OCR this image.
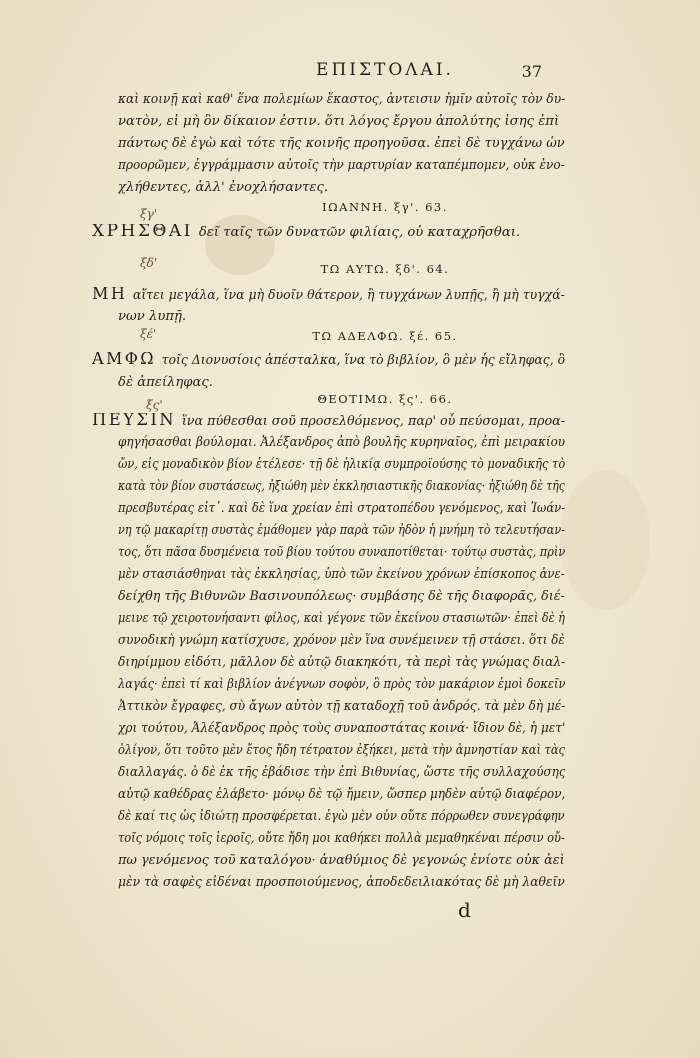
ΕΠΙΣΤΟΛΑΙ.	37
καὶ κοινῇ καὶ καθ' ἕνα πολεμίων ἕκαστος, ἀντεισιν ἡμῖν αὐτοῖς τὸν δυ-
νατὸν, εἰ μὴ ὃν δίκαιον ἐστιν. ὅτι λόγος ἔργου ἀπολύτης ἰσης ἐπὶ
πάντως δὲ ἐγὼ καὶ τότε τῆς κοινῆς προηγοῦσα. ἐπεὶ δὲ τυγχάνω ὧν
προορῶμεν, ἐγγράμμασιν αὐτοῖς τὴν μαρτυρίαν καταπέμπομεν, οὐκ ἐνο-
χλήθεντες, ἀλλ' ἐνοχλήσαντες.
ΙΩΑΝΝΗ. ξγ'. 63.
ξγ'
ΧΡΗΣΘΑΙ δεῖ ταῖς τῶν δυνατῶν φιλίαις, οὐ καταχρῆσθαι.
ξδ'	ΤΩ ΑΥΤΩ. ξδ'. 64.
ΜΗ αἴτει μεγάλα, ἵνα μὴ δυοῖν θάτερον, ἢ τυγχάνων λυπῇς, ἢ μὴ τυγχά-
νων λυπῇ.
ξέ'	ΤΩ ΑΔΕΛΦΩ. ξέ. 65.
ΑΜΦΩ τοῖς Διονυσίοις ἀπέσταλκα, ἵνα τὸ βιβλίον, ὃ μὲν ἧς εἴληφας, ὃ
δὲ ἀπείληφας.
ΘΕΟΤΙΜΩ. ξς'. 66.
ξς'
ΠΕΥΣΙΝ ἵνα πύθεσθαι σοῦ προσελθόμενος, παρ' οὗ πεύσομαι, προα-
φηγήσασθαι βούλομαι. Ἀλέξανδρος ἀπὸ βουλῆς κυρηναῖος, ἐπὶ μειρακίου
ὤν, εἰς μοναδικὸν βίον ἐτέλεσε· τῇ δὲ ἡλικίᾳ συμπροϊούσης τὸ μοναδικῆς τὸ
κατὰ τὸν βίον συστάσεως, ἠξιώθη μὲν ἐκκλησιαστικῆς διακονίας· ἠξιώθη δὲ τῆς
πρεσβυτέρας εἶτ᾽. καὶ δὲ ἵνα χρείαν ἐπὶ στρατοπέδου γενόμενος, καὶ Ἰωάν-
νη τῷ μακαρίτῃ συστὰς ἐμάθομεν γὰρ παρὰ τῶν ἠδὸν ἡ μνήμη τὸ τελευτήσαν-
τος, ὅτι πᾶσα δυσμένεια τοῦ βίου τούτου συναποτίθεται· τούτῳ συστὰς, πρὶν
μὲν στασιάσθηναι τὰς ἐκκλησίας, ὑπὸ τῶν ἐκείνου χρόνων ἐπίσκοπος ἀνε-
δείχθη τῆς Βιθυνῶν Βασινουπόλεως· συμβάσης δὲ τῆς διαφορᾶς, διέ-
μεινε τῷ χειροτονήσαντι φίλος, καὶ γέγονε τῶν ἐκείνου στασιωτῶν· ἐπεὶ δὲ ἡ
συνοδικὴ γνώμη κατίσχυσε, χρόνον μὲν ἵνα συνέμεινεν τῇ στάσει. ὅτι δὲ
διηρίμμου εἶδότι, μᾶλλον δὲ αὐτῷ διακηκότι, τὰ περὶ τὰς γνώμας διαλ-
λαγάς· ἐπεὶ τί καὶ βιβλίον ἀνέγνων σοφὸν, ὃ πρὸς τὸν μακάριον ἐμοὶ δοκεῖν
Ἀττικὸν ἔγραφες, σὺ ἄγων αὐτὸν τῇ καταδοχῇ τοῦ ἀνδρός. τὰ μὲν δὴ μέ-
χρι τούτου, Ἀλέξανδρος πρὸς τοὺς συναποστάτας κοινά· ἴδιον δὲ, ἡ μετ'
ὀλίγον, ὅτι τοῦτο μὲν ἔτος ἤδη τέτρατον ἐξήκει, μετὰ τὴν ἀμνηστίαν καὶ τὰς
διαλλαγάς. ὁ δὲ ἐκ τῆς ἐβάδισε τὴν ἐπὶ Βιθυνίας, ὥστε τῆς συλλαχούσης
αὐτῷ καθέδρας ἐλάβετο· μόνῳ δὲ τῷ ἤμειν, ὥσπερ μηδὲν αὐτῷ διαφέρον,
δὲ καί τις ὡς ἰδιώτῃ προσφέρεται. ἐγὼ μὲν οὖν οὔτε πόρρωθεν συνεγράφην
τοῖς νόμοις τοῖς ἱεροῖς, οὔτε ἤδη μοι καθήκει πολλὰ μεμαθηκέναι πέρσιν οὔ-
πω γενόμενος τοῦ καταλόγου· ἀναθύμιος δὲ γεγονώς ἐνίοτε οὐκ ἀεὶ
μὲν τὰ σαφὲς εἰδέναι προσποιούμενος, ἀποδεδειλιακότας δὲ μὴ λαθεῖν
d
